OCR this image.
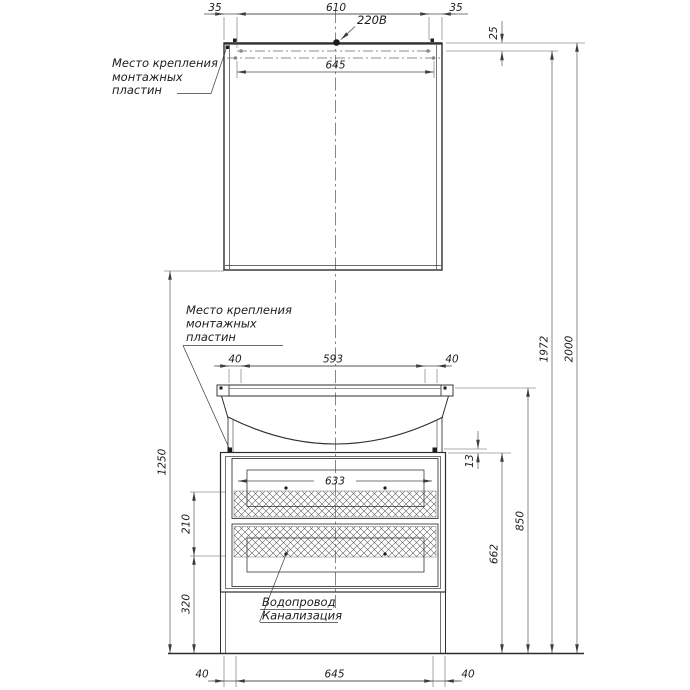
220В
Место крепления
монтажных
пластин
35	610	35
25
645
1972 2000
Место крепления
монтажных
пластин
40	593	40
633
13
662
850
1250
210
320	Водопровод
Канализация
40	645	40
